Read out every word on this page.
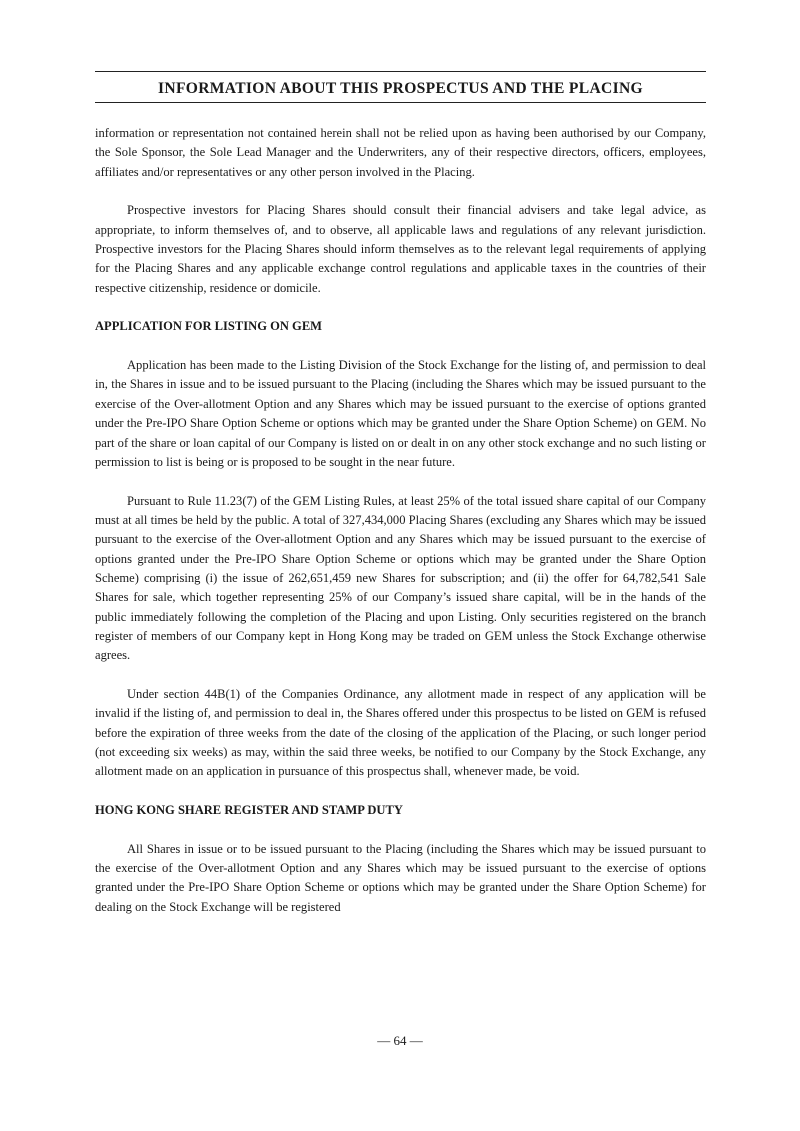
INFORMATION ABOUT THIS PROSPECTUS AND THE PLACING

information or representation not contained herein shall not be relied upon as having been authorised by our Company, the Sole Sponsor, the Sole Lead Manager and the Underwriters, any of their respective directors, officers, employees, affiliates and/or representatives or any other person involved in the Placing.

Prospective investors for Placing Shares should consult their financial advisers and take legal advice, as appropriate, to inform themselves of, and to observe, all applicable laws and regulations of any relevant jurisdiction. Prospective investors for the Placing Shares should inform themselves as to the relevant legal requirements of applying for the Placing Shares and any applicable exchange control regulations and applicable taxes in the countries of their respective citizenship, residence or domicile.

APPLICATION FOR LISTING ON GEM

Application has been made to the Listing Division of the Stock Exchange for the listing of, and permission to deal in, the Shares in issue and to be issued pursuant to the Placing (including the Shares which may be issued pursuant to the exercise of the Over-allotment Option and any Shares which may be issued pursuant to the exercise of options granted under the Pre-IPO Share Option Scheme or options which may be granted under the Share Option Scheme) on GEM. No part of the share or loan capital of our Company is listed on or dealt in on any other stock exchange and no such listing or permission to list is being or is proposed to be sought in the near future.

Pursuant to Rule 11.23(7) of the GEM Listing Rules, at least 25% of the total issued share capital of our Company must at all times be held by the public. A total of 327,434,000 Placing Shares (excluding any Shares which may be issued pursuant to the exercise of the Over-allotment Option and any Shares which may be issued pursuant to the exercise of options granted under the Pre-IPO Share Option Scheme or options which may be granted under the Share Option Scheme) comprising (i) the issue of 262,651,459 new Shares for subscription; and (ii) the offer for 64,782,541 Sale Shares for sale, which together representing 25% of our Company’s issued share capital, will be in the hands of the public immediately following the completion of the Placing and upon Listing. Only securities registered on the branch register of members of our Company kept in Hong Kong may be traded on GEM unless the Stock Exchange otherwise agrees.

Under section 44B(1) of the Companies Ordinance, any allotment made in respect of any application will be invalid if the listing of, and permission to deal in, the Shares offered under this prospectus to be listed on GEM is refused before the expiration of three weeks from the date of the closing of the application of the Placing, or such longer period (not exceeding six weeks) as may, within the said three weeks, be notified to our Company by the Stock Exchange, any allotment made on an application in pursuance of this prospectus shall, whenever made, be void.

HONG KONG SHARE REGISTER AND STAMP DUTY

All Shares in issue or to be issued pursuant to the Placing (including the Shares which may be issued pursuant to the exercise of the Over-allotment Option and any Shares which may be issued pursuant to the exercise of options granted under the Pre-IPO Share Option Scheme or options which may be granted under the Share Option Scheme) for dealing on the Stock Exchange will be registered

— 64 —
